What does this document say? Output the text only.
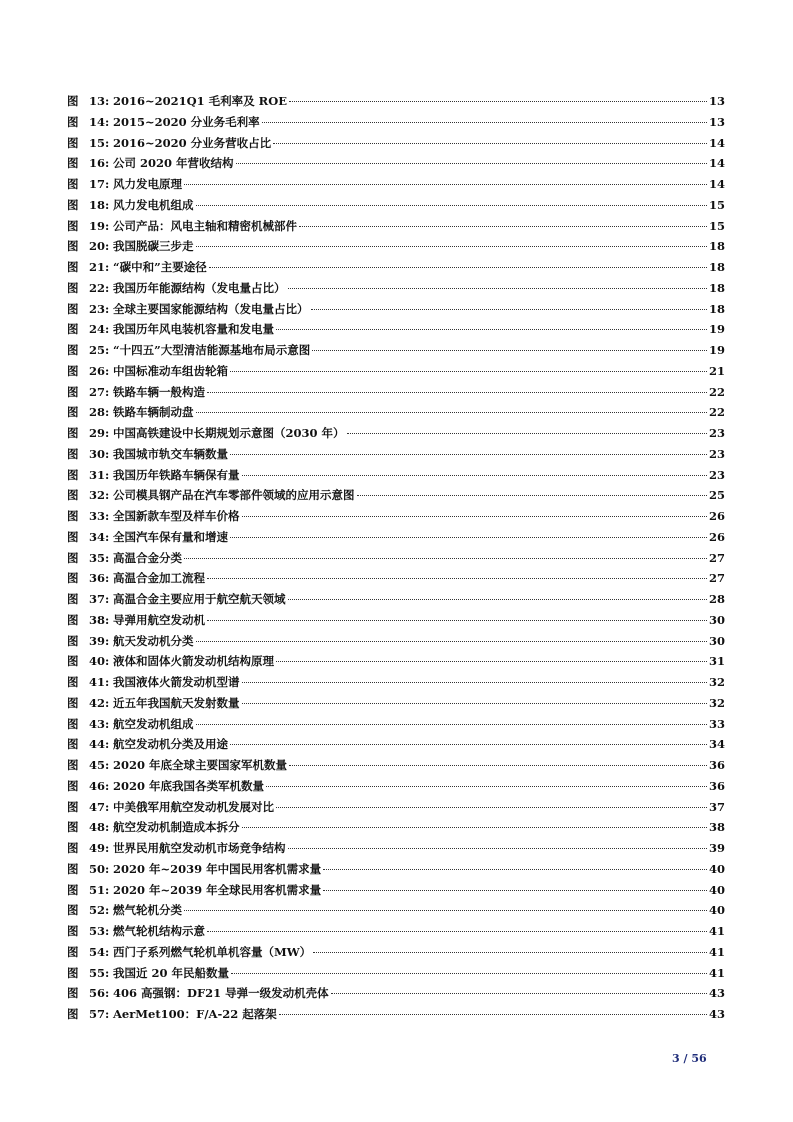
图 13: 2016~2021Q1 毛利率及 ROE	13
图 14: 2015~2020 分业务毛利率	13
图 15: 2016~2020 分业务营收占比	14
图 16: 公司 2020 年营收结构	14
图 17: 风力发电原理	14
图 18: 风力发电机组成	15
图 19: 公司产品：风电主轴和精密机械部件	15
图 20: 我国脱碳三步走	18
图 21: “碳中和”主要途径	18
图 22: 我国历年能源结构（发电量占比）	18
图 23: 全球主要国家能源结构（发电量占比）	18
图 24: 我国历年风电装机容量和发电量	19
图 25: “十四五”大型清洁能源基地布局示意图	19
图 26: 中国标准动车组齿轮箱	21
图 27: 铁路车辆一般构造	22
图 28: 铁路车辆制动盘	22
图 29: 中国高铁建设中长期规划示意图（2030 年）	23
图 30: 我国城市轨交车辆数量	23
图 31: 我国历年铁路车辆保有量	23
图 32: 公司模具钢产品在汽车零部件领域的应用示意图	25
图 33: 全国新款车型及样车价格	26
图 34: 全国汽车保有量和增速	26
图 35: 高温合金分类	27
图 36: 高温合金加工流程	27
图 37: 高温合金主要应用于航空航天领域	28
图 38: 导弹用航空发动机	30
图 39: 航天发动机分类	30
图 40: 液体和固体火箭发动机结构原理	31
图 41: 我国液体火箭发动机型谱	32
图 42: 近五年我国航天发射数量	32
图 43: 航空发动机组成	33
图 44: 航空发动机分类及用途	34
图 45: 2020 年底全球主要国家军机数量	36
图 46: 2020 年底我国各类军机数量	36
图 47: 中美俄军用航空发动机发展对比	37
图 48: 航空发动机制造成本拆分	38
图 49: 世界民用航空发动机市场竞争结构	39
图 50: 2020 年~2039 年中国民用客机需求量	40
图 51: 2020 年~2039 年全球民用客机需求量	40
图 52: 燃气轮机分类	40
图 53: 燃气轮机结构示意	41
图 54: 西门子系列燃气轮机单机容量（MW）	41
图 55: 我国近 20 年民船数量	41
图 56: 406 高强钢：DF21 导弹一级发动机壳体	43
图 57: AerMet100：F/A-22 起落架	43
3 / 56
